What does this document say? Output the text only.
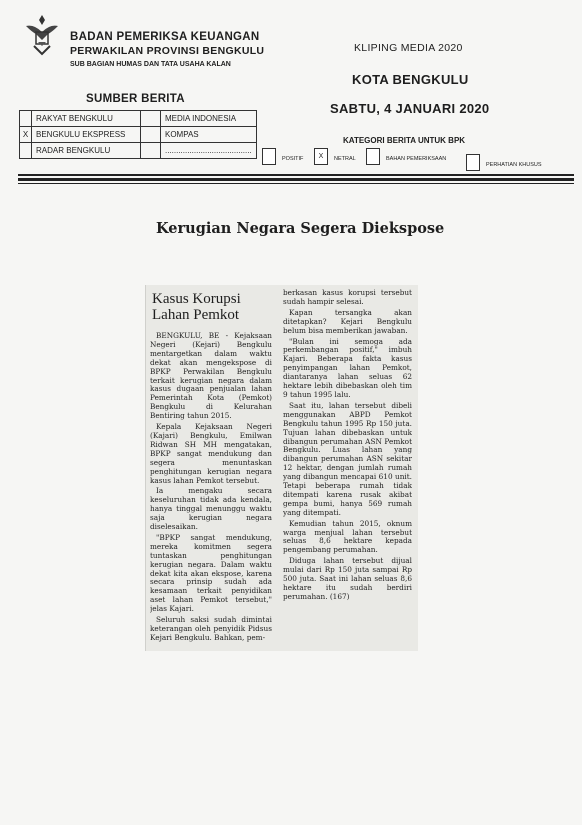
BADAN PEMERIKSA KEUANGAN
PERWAKILAN PROVINSI BENGKULU
SUB BAGIAN HUMAS DAN TATA USAHA KALAN
KLIPING MEDIA 2020
KOTA BENGKULU
SABTU, 4 JANUARI 2020
SUMBER BERITA
	RAKYAT BENGKULU		MEDIA INDONESIA
X	BENGKULU EKSPRESS		KOMPAS
	RADAR BENGKULU		.......................................
KATEGORI BERITA UNTUK BPK
POSITIF	X	NETRAL	BAHAN PEMERIKSAAN
PERHATIAN KHUSUS
Kerugian Negara Segera Diekspose
Kasus Korupsi Lahan Pemkot

BENGKULU, BE - Kejaksaan Negeri (Kejari) Bengkulu mentargetkan dalam waktu dekat akan mengekspose di BPKP Perwakilan Bengkulu terkait kerugian negara dalam kasus dugaan penjualan lahan Pemerintah Kota (Pemkot) Bengkulu di Kelurahan Bentiring tahun 2015.

Kepala Kejaksaan Negeri (Kajari) Bengkulu, Emilwan Ridwan SH MH mengatakan, BPKP sangat mendukung dan segera menuntaskan penghitungan kerugian negara kasus lahan Pemkot tersebut.

Ia mengaku secara keseluruhan tidak ada kendala, hanya tinggal menunggu waktu saja kerugian negara diselesaikan.

"BPKP sangat mendukung, mereka komitmen segera tuntaskan penghitungan kerugian negara. Dalam waktu dekat kita akan ekspose, karena secara prinsip sudah ada kesamaan terkait penyidikan aset lahan Pemkot tersebut," jelas Kajari.

Seluruh saksi sudah dimintai keterangan oleh penyidik Pidsus Kejari Bengkulu. Bahkan, pem-

berkasan kasus korupsi tersebut sudah hampir selesai.

Kapan tersangka akan ditetapkan? Kejari Bengkulu belum bisa memberikan jawaban.

"Bulan ini semoga ada perkembangan positif," imbuh Kajari. Beberapa fakta kasus penyimpangan lahan Pemkot, diantaranya lahan seluas 62 hektare lebih dibebaskan oleh tim 9 tahun 1995 lalu.

Saat itu, lahan tersebut dibeli menggunakan ABPD Pemkot Bengkulu tahun 1995 Rp 150 juta. Tujuan lahan dibebaskan untuk dibangun perumahan ASN Pemkot Bengkulu. Luas lahan yang dibangun perumahan ASN sekitar 12 hektar, dengan jumlah rumah yang dibangun mencapai 610 unit. Tetapi beberapa rumah tidak ditempati karena rusak akibat gempa bumi, hanya 569 rumah yang ditempati.

Kemudian tahun 2015, oknum warga menjual lahan tersebut seluas 8,6 hektare kepada pengembang perumahan.

Diduga lahan tersebut dijual mulai dari Rp 150 juta sampai Rp 500 juta. Saat ini lahan seluas 8,6 hektare itu sudah berdiri perumahan. (167)
